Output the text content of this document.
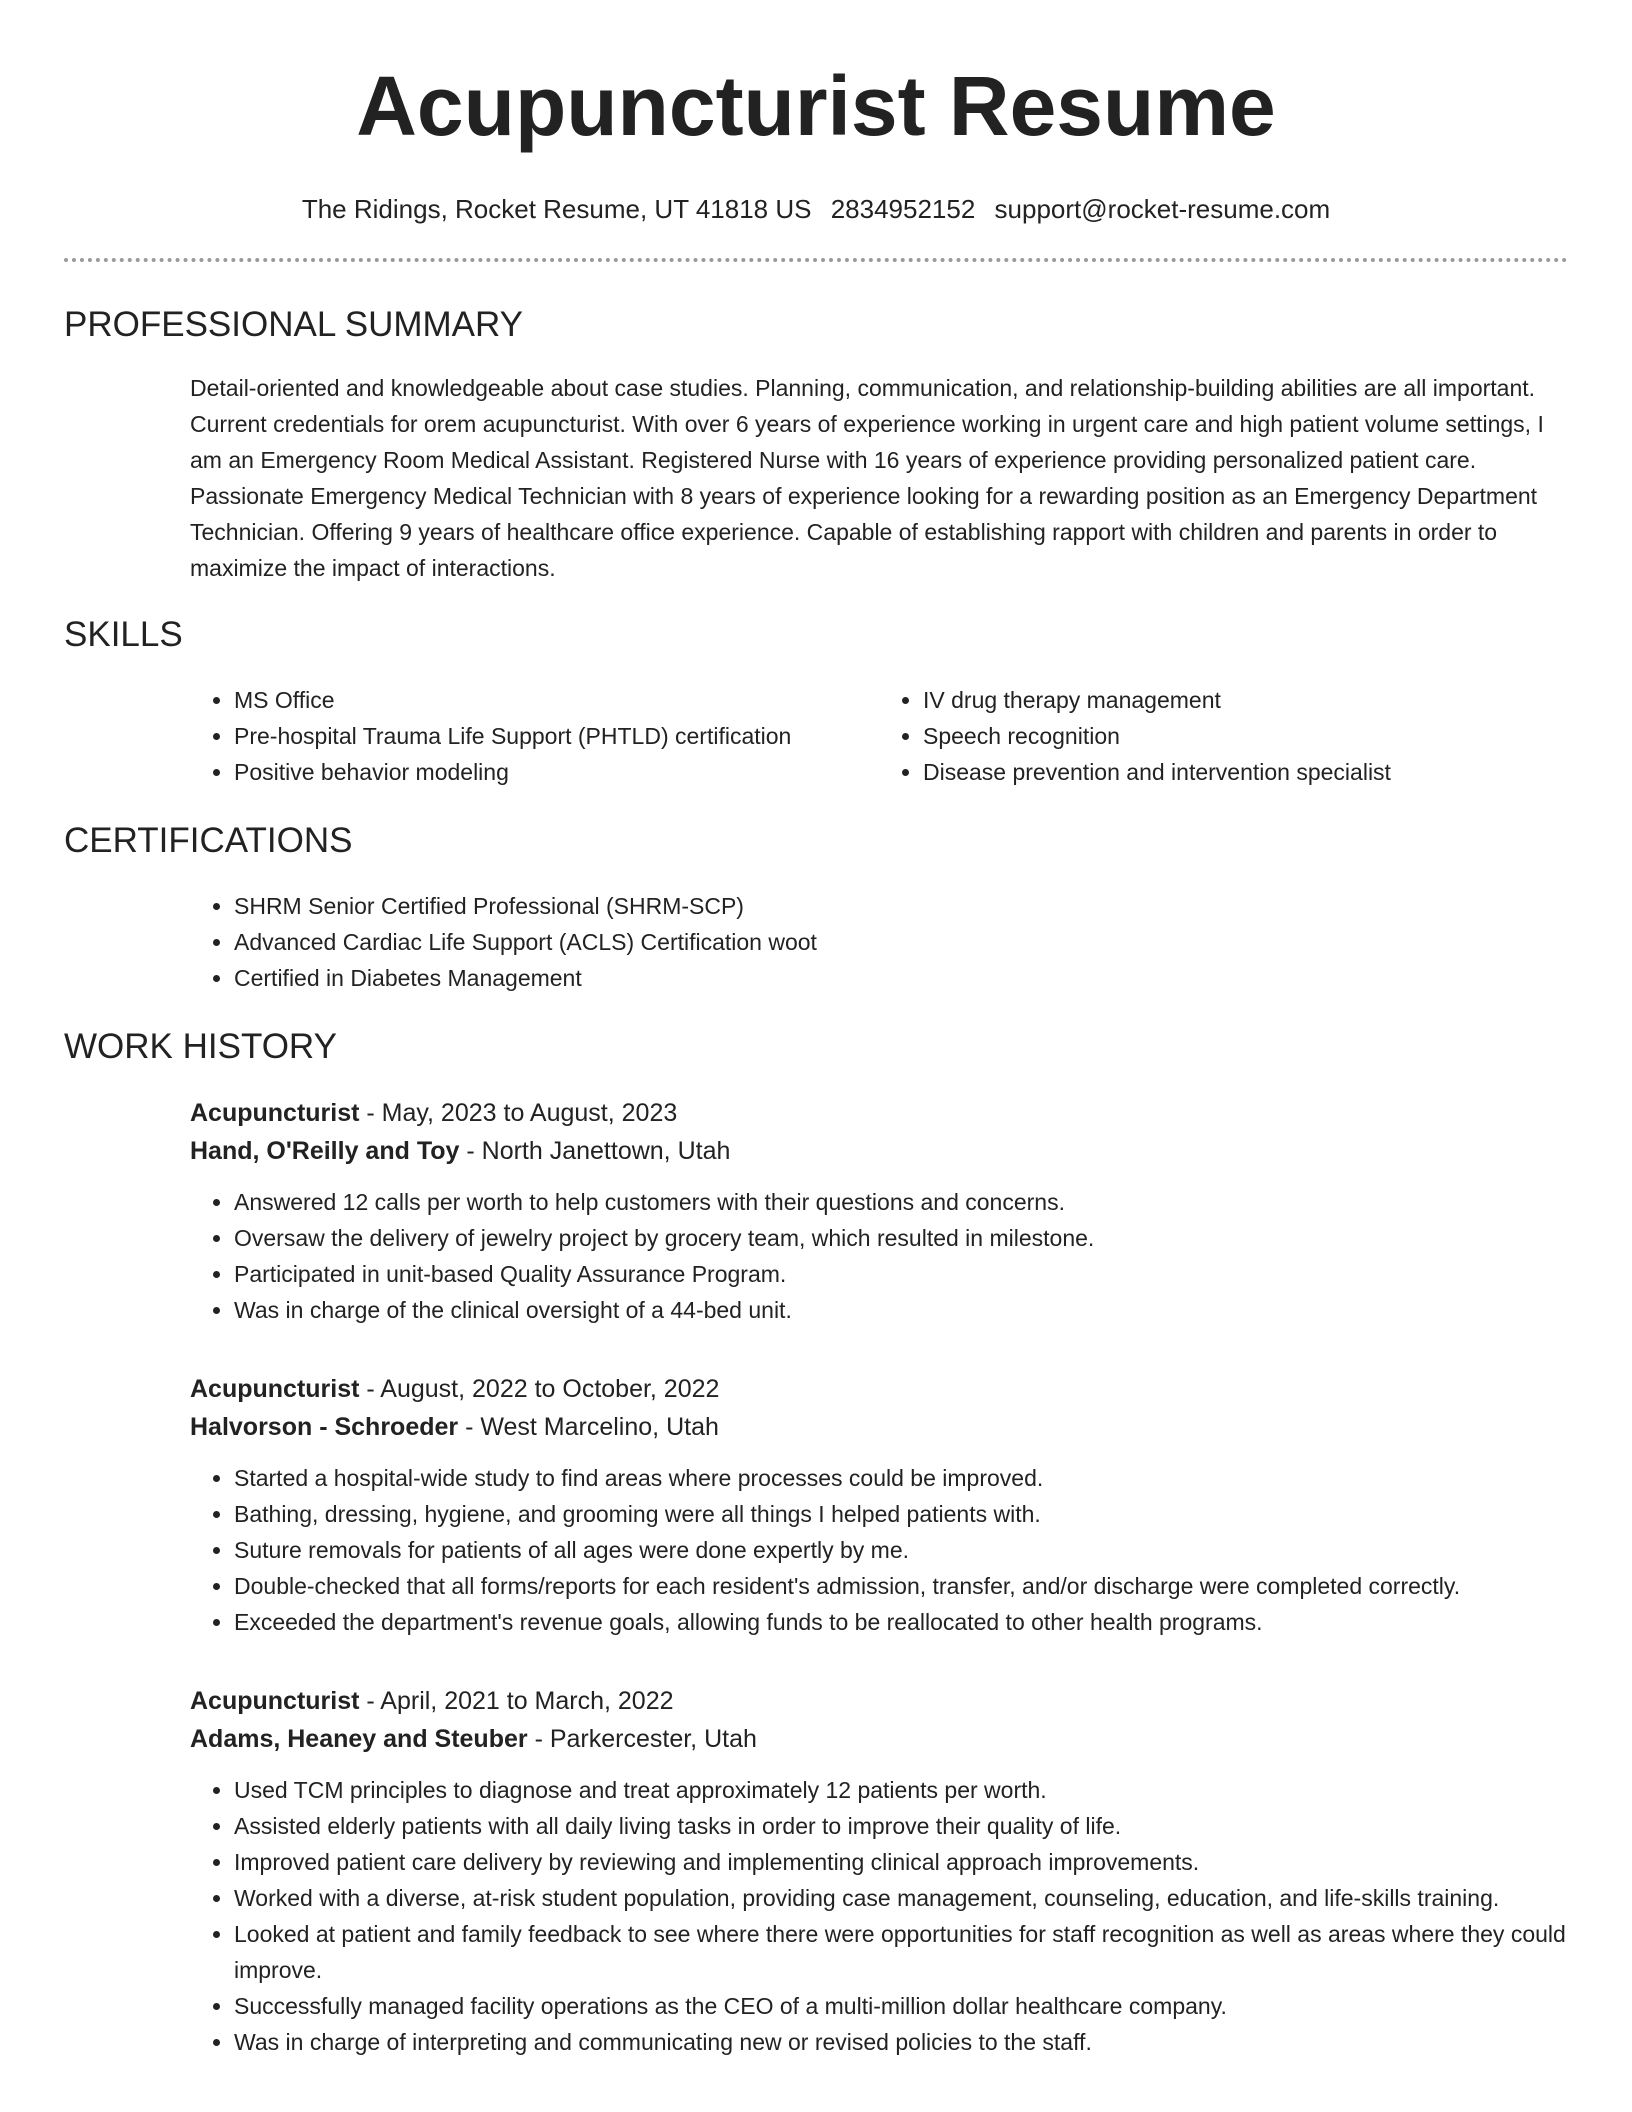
Acupuncturist Resume
The Ridings, Rocket Resume, UT 41818 US 2834952152 support@rocket-resume.com
PROFESSIONAL SUMMARY
Detail-oriented and knowledgeable about case studies. Planning, communication, and relationship-building abilities are all important. Current credentials for orem acupuncturist. With over 6 years of experience working in urgent care and high patient volume settings, I am an Emergency Room Medical Assistant. Registered Nurse with 16 years of experience providing personalized patient care. Passionate Emergency Medical Technician with 8 years of experience looking for a rewarding position as an Emergency Department Technician. Offering 9 years of healthcare office experience. Capable of establishing rapport with children and parents in order to maximize the impact of interactions.
SKILLS
• MS Office
• Pre-hospital Trauma Life Support (PHTLD) certification
• Positive behavior modeling
• IV drug therapy management
• Speech recognition
• Disease prevention and intervention specialist
CERTIFICATIONS
• SHRM Senior Certified Professional (SHRM-SCP)
• Advanced Cardiac Life Support (ACLS) Certification woot
• Certified in Diabetes Management
WORK HISTORY
Acupuncturist - May, 2023 to August, 2023
Hand, O'Reilly and Toy - North Janettown, Utah
• Answered 12 calls per worth to help customers with their questions and concerns.
• Oversaw the delivery of jewelry project by grocery team, which resulted in milestone.
• Participated in unit-based Quality Assurance Program.
• Was in charge of the clinical oversight of a 44-bed unit.
Acupuncturist - August, 2022 to October, 2022
Halvorson - Schroeder - West Marcelino, Utah
• Started a hospital-wide study to find areas where processes could be improved.
• Bathing, dressing, hygiene, and grooming were all things I helped patients with.
• Suture removals for patients of all ages were done expertly by me.
• Double-checked that all forms/reports for each resident's admission, transfer, and/or discharge were completed correctly.
• Exceeded the department's revenue goals, allowing funds to be reallocated to other health programs.
Acupuncturist - April, 2021 to March, 2022
Adams, Heaney and Steuber - Parkercester, Utah
• Used TCM principles to diagnose and treat approximately 12 patients per worth.
• Assisted elderly patients with all daily living tasks in order to improve their quality of life.
• Improved patient care delivery by reviewing and implementing clinical approach improvements.
• Worked with a diverse, at-risk student population, providing case management, counseling, education, and life-skills training.
• Looked at patient and family feedback to see where there were opportunities for staff recognition as well as areas where they could improve.
• Successfully managed facility operations as the CEO of a multi-million dollar healthcare company.
• Was in charge of interpreting and communicating new or revised policies to the staff.
